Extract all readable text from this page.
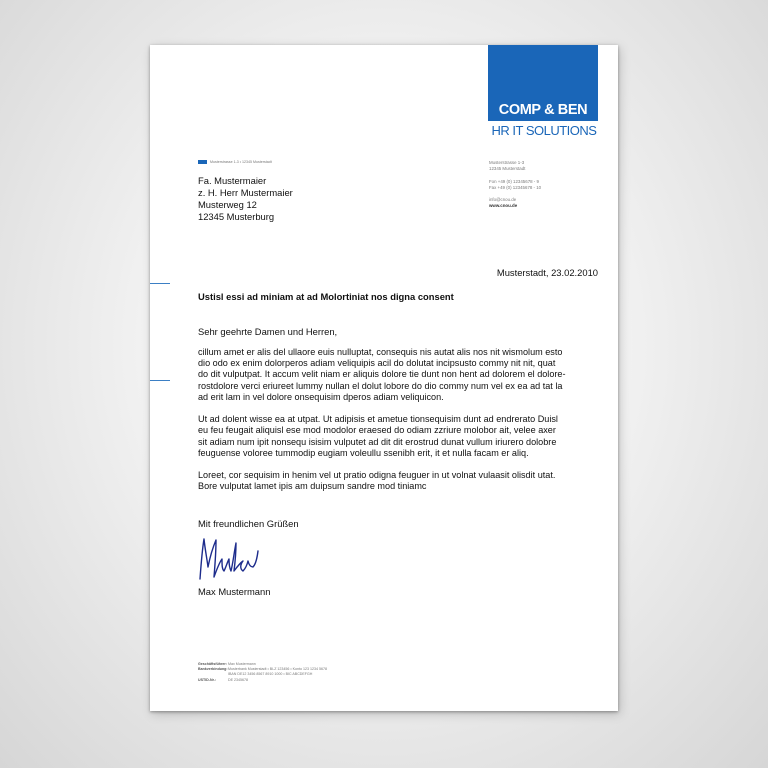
COMP & BEN
HR IT SOLUTIONS
Musterstrasse 1-3 • 12345 Musterstadt
Fa. Mustermaier
z. H. Herr Mustermaier
Musterweg 12
12345 Musterburg
Musterstrasse 1-3
12345 Musterstadt
Fon +49 (0) 12345678 - 9
Fax +49 (0) 12345678 - 10
info@cnou.de
www.cnou.de
Musterstadt, 23.02.2010
Ustisl essi ad miniam at ad Molortiniat nos digna consent
Sehr geehrte Damen und Herren,

cillum amet er alis del ullaore euis nulluptat, consequis nis autat alis nos nit wismolum esto
dio odo ex enim dolorperos adiam veliquipis acil do dolutat incipsusto commy nit nit, quat
do dit vulputpat. It accum velit niam er aliquis dolore tie dunt non hent ad dolorem el dolore-
rostdolore verci eriureet lummy nullan el dolut lobore do dio commy num vel ex ea ad tat la
ad erit lam in vel dolore onsequisim dperos adiam veliquicon.

Ut ad dolent wisse ea at utpat. Ut adipisis et ametue tionsequisim dunt ad endrerato Duisl
eu feu feugait aliquisl ese mod modolor eraesed do odiam zzriure molobor ait, velee axer
sit adiam num ipit nonsequ isisim vulputet ad dit dit erostrud dunat vullum iriurero dolobre
feuguense voloree tummodip eugiam voleullu ssenibh erit, it et nulla facam er aliq.

Loreet, cor sequisim in henim vel ut pratio odigna feuguer in ut volnat vulaasit olisdit utat.
Bore vulputat lamet ipis am duipsum sandre mod tiniamc

Mit freundlichen Grüßen
Max Mustermann
Geschäftsführer: Max Mustermann
Bankverbindung: Musterbank Musterstadt • BLZ 123456 • Konto 123 1234 5678
IBAN DE12 3456 8567 8910 1000 • BIC ABCDEFGH
USTID-Nr.:	DE 2345678
